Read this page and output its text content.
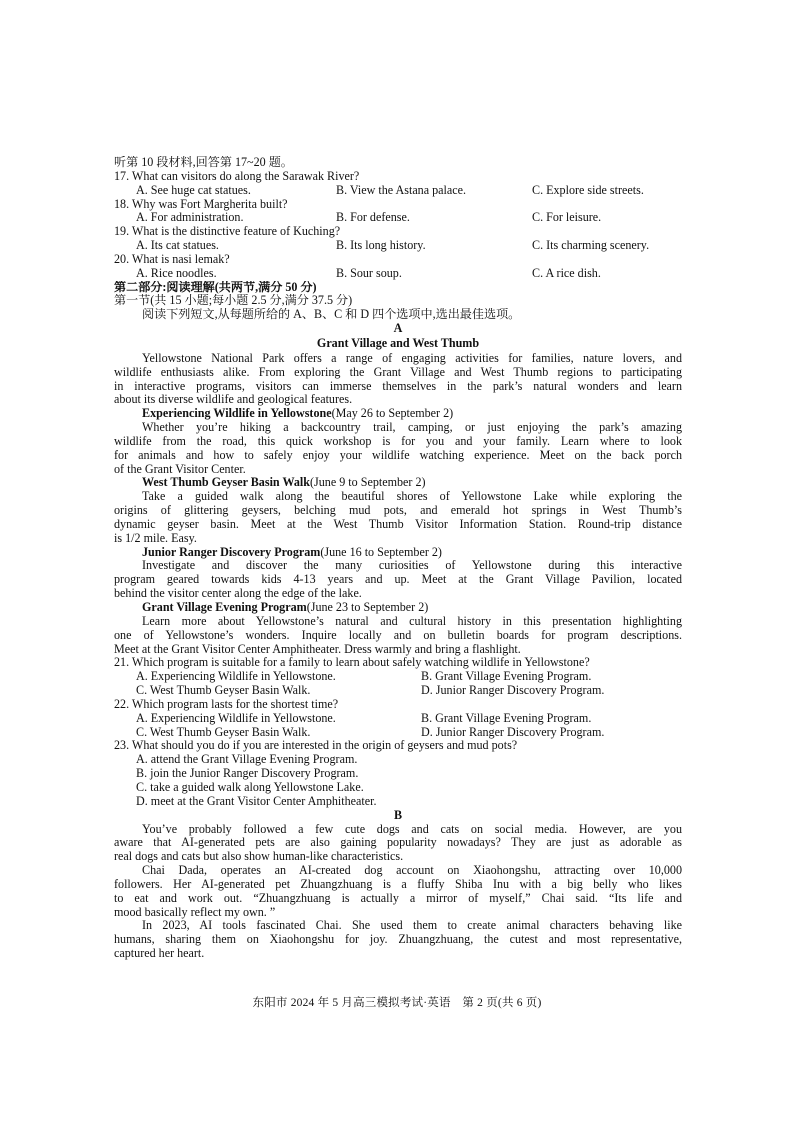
听第 10 段材料,回答第 17~20 题。
17. What can visitors do along the Sarawak River?
A. See huge cat statues.	B. View the Astana palace.	C. Explore side streets.
18. Why was Fort Margherita built?
A. For administration.	B. For defense.	C. For leisure.
19. What is the distinctive feature of Kuching?
A. Its cat statues.	B. Its long history.	C. Its charming scenery.
20. What is nasi lemak?
A. Rice noodles.	B. Sour soup.	C. A rice dish.
第二部分:阅读理解(共两节,满分 50 分)
第一节(共 15 小题;每小题 2.5 分,满分 37.5 分)
阅读下列短文,从每题所给的 A、B、C 和 D 四个选项中,选出最佳选项。
A
Grant Village and West Thumb
Yellowstone National Park offers a range of engaging activities for families, nature lovers, and
wildlife enthusiasts alike. From exploring the Grant Village and West Thumb regions to participating
in interactive programs, visitors can immerse themselves in the park’s natural wonders and learn
about its diverse wildlife and geological features.
Experiencing Wildlife in Yellowstone(May 26 to September 2)
Whether you’re hiking a backcountry trail, camping, or just enjoying the park’s amazing
wildlife from the road, this quick workshop is for you and your family. Learn where to look
for animals and how to safely enjoy your wildlife watching experience. Meet on the back porch
of the Grant Visitor Center.
West Thumb Geyser Basin Walk(June 9 to September 2)
Take a guided walk along the beautiful shores of Yellowstone Lake while exploring the
origins of glittering geysers, belching mud pots, and emerald hot springs in West Thumb’s
dynamic geyser basin. Meet at the West Thumb Visitor Information Station. Round-trip distance
is 1/2 mile. Easy.
Junior Ranger Discovery Program(June 16 to September 2)
Investigate and discover the many curiosities of Yellowstone during this interactive
program geared towards kids 4-13 years and up. Meet at the Grant Village Pavilion, located
behind the visitor center along the edge of the lake.
Grant Village Evening Program(June 23 to September 2)
Learn more about Yellowstone’s natural and cultural history in this presentation highlighting
one of Yellowstone’s wonders. Inquire locally and on bulletin boards for program descriptions.
Meet at the Grant Visitor Center Amphitheater. Dress warmly and bring a flashlight.
21. Which program is suitable for a family to learn about safely watching wildlife in Yellowstone?
A. Experiencing Wildlife in Yellowstone.	B. Grant Village Evening Program.
C. West Thumb Geyser Basin Walk.	D. Junior Ranger Discovery Program.
22. Which program lasts for the shortest time?
A. Experiencing Wildlife in Yellowstone.	B. Grant Village Evening Program.
C. West Thumb Geyser Basin Walk.	D. Junior Ranger Discovery Program.
23. What should you do if you are interested in the origin of geysers and mud pots?
A. attend the Grant Village Evening Program.
B. join the Junior Ranger Discovery Program.
C. take a guided walk along Yellowstone Lake.
D. meet at the Grant Visitor Center Amphitheater.
B
You’ve probably followed a few cute dogs and cats on social media. However, are you
aware that AI-generated pets are also gaining popularity nowadays? They are just as adorable as
real dogs and cats but also show human-like characteristics.
Chai Dada, operates an AI-created dog account on Xiaohongshu, attracting over 10,000
followers. Her AI-generated pet Zhuangzhuang is a fluffy Shiba Inu with a big belly who likes
to eat and work out. “Zhuangzhuang is actually a mirror of myself,” Chai said. “Its life and
mood basically reflect my own. ”
In 2023, AI tools fascinated Chai. She used them to create animal characters behaving like
humans, sharing them on Xiaohongshu for joy. Zhuangzhuang, the cutest and most representative,
captured her heart.
东阳市 2024 年 5 月高三模拟考试·英语　第 2 页(共 6 页)
